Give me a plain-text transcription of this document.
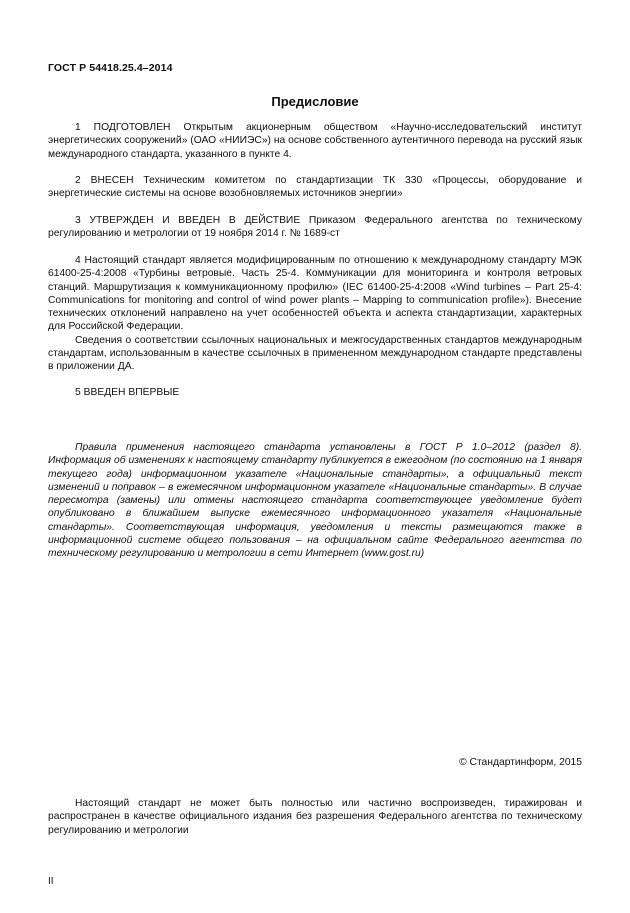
ГОСТ Р 54418.25.4–2014
Предисловие

1 ПОДГОТОВЛЕН Открытым акционерным обществом «Научно-исследовательский институт энергетических сооружений» (ОАО «НИИЭС») на основе собственного аутентичного перевода на русский язык международного стандарта, указанного в пункте 4.

2 ВНЕСЕН Техническим комитетом по стандартизации ТК 330 «Процессы, оборудование и энергетические системы на основе возобновляемых источников энергии»

3 УТВЕРЖДЕН И ВВЕДЕН В ДЕЙСТВИЕ Приказом Федерального агентства по техническому регулированию и метрологии от 19 ноября 2014 г. № 1689-ст

4 Настоящий стандарт является модифицированным по отношению к международному стандарту МЭК 61400-25-4:2008 «Турбины ветровые. Часть 25-4. Коммуникации для мониторинга и контроля ветровых станций. Маршрутизация к коммуникационному профилю» (IEC 61400-25-4:2008 «Wind turbines – Part 25-4: Communications for monitoring and control of wind power plants – Mapping to communication profile»). Внесение технических отклонений направлено на учет особенностей объекта и аспекта стандартизации, характерных для Российской Федерации.

Сведения о соответствии ссылочных национальных и межгосударственных стандартов международным стандартам, использованным в качестве ссылочных в примененном международном стандарте представлены в приложении ДА.

5 ВВЕДЕН ВПЕРВЫЕ

Правила применения настоящего стандарта установлены в ГОСТ Р 1.0–2012 (раздел 8). Информация об изменениях к настоящему стандарту публикуется в ежегодном (по состоянию на 1 января текущего года) информационном указателе «Национальные стандарты», а официальный текст изменений и поправок – в ежемесячном информационном указателе «Национальные стандарты». В случае пересмотра (замены) или отмены настоящего стандарта соответствующее уведомление будет опубликовано в ближайшем выпуске ежемесячного информационного указателя «Национальные стандарты». Соответствующая информация, уведомления и тексты размещаются также в информационной системе общего пользования – на официальном сайте Федерального агентства по техническому регулированию и метрологии в сети Интернет (www.gost.ru)

© Стандартинформ, 2015

Настоящий стандарт не может быть полностью или частично воспроизведен, тиражирован и распространен в качестве официального издания без разрешения Федерального агентства по техническому регулированию и метрологии

II
